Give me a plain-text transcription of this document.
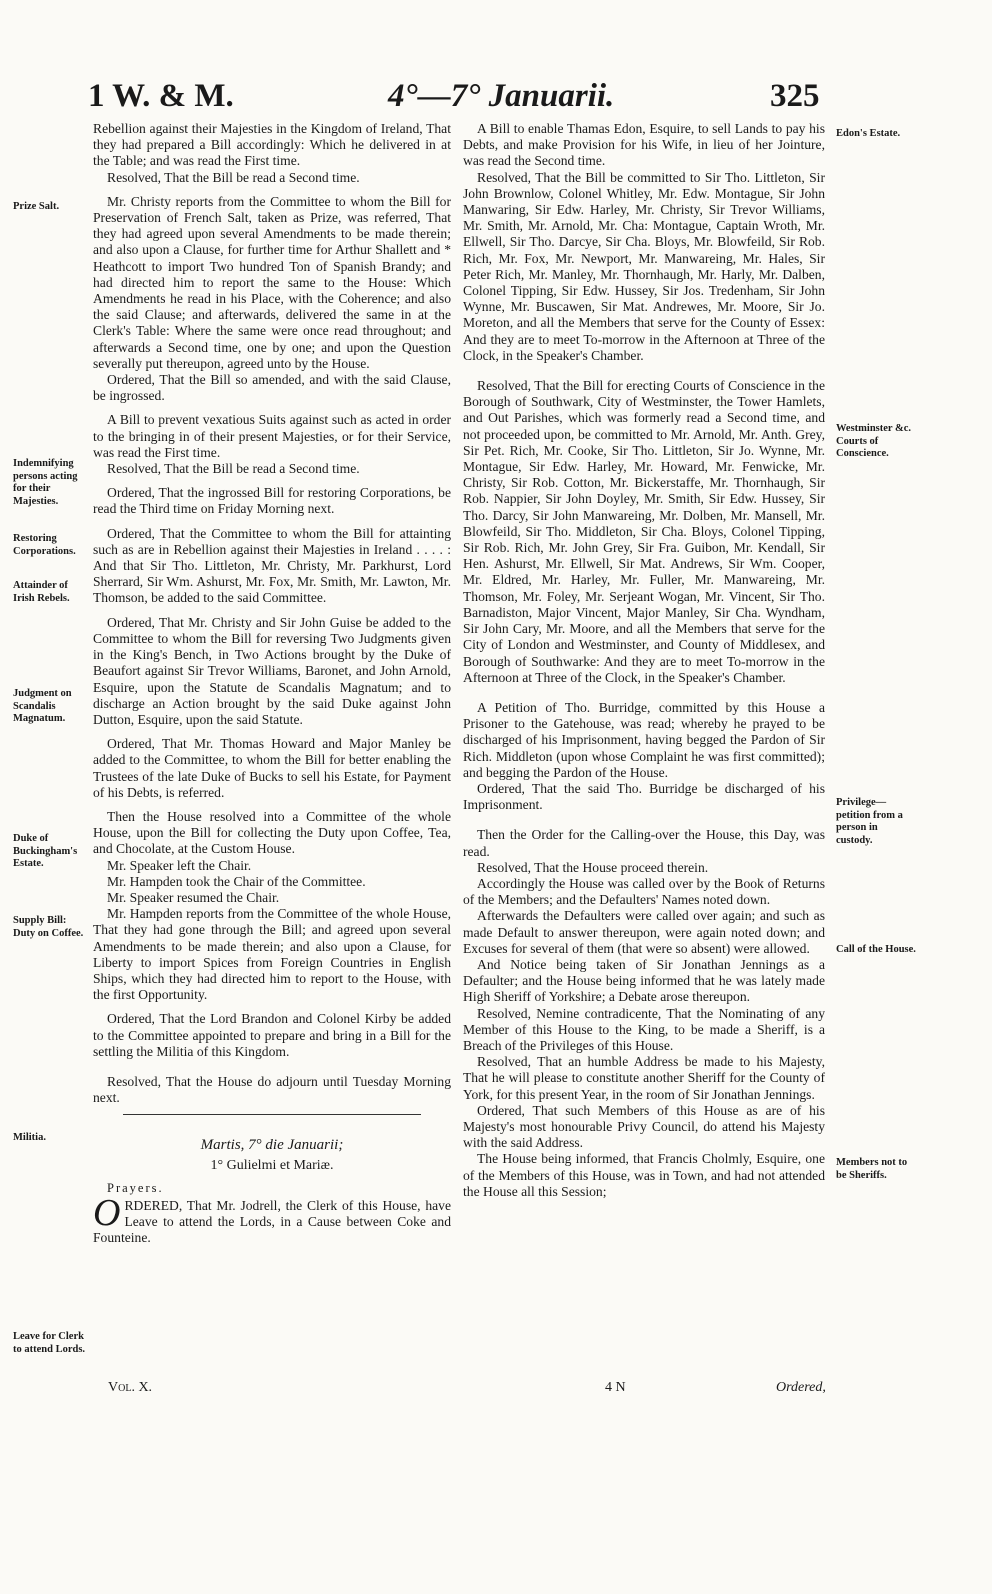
1 W. & M.	4°—7° Januarii.	325
Prize Salt.
Indemnifying persons acting for their Majesties.
Restoring Corporations.
Attainder of Irish Rebels.
Judgment on Scandalis Magnatum.
Duke of Buckingham's Estate.
Supply Bill: Duty on Coffee.
Militia.
Leave for Clerk to attend Lords.
Edon's Estate.
Westminster &c. Courts of Conscience.
Privilege—petition from a person in custody.
Call of the House.
Members not to be Sheriffs.

Rebellion against their Majesties in the Kingdom of Ireland, That they had prepared a Bill accordingly: Which he delivered in at the Table; and was read the First time.

Resolved, That the Bill be read a Second time.

Mr. Christy reports from the Committee to whom the Bill for Preservation of French Salt, taken as Prize, was referred, That they had agreed upon several Amendments to be made therein; and also upon a Clause, for further time for Arthur Shallett and * Heathcott to import Two hundred Ton of Spanish Brandy; and had directed him to report the same to the House: Which Amendments he read in his Place, with the Coherence; and also the said Clause; and afterwards, delivered the same in at the Clerk's Table: Where the same were once read throughout; and afterwards a Second time, one by one; and upon the Question severally put thereupon, agreed unto by the House.

Ordered, That the Bill so amended, and with the said Clause, be ingrossed.

A Bill to prevent vexatious Suits against such as acted in order to the bringing in of their present Majesties, or for their Service, was read the First time.

Resolved, That the Bill be read a Second time.

Ordered, That the ingrossed Bill for restoring Corporations, be read the Third time on Friday Morning next.

Ordered, That the Committee to whom the Bill for attainting such as are in Rebellion against their Majesties in Ireland . . . . : And that Sir Tho. Littleton, Mr. Christy, Mr. Parkhurst, Lord Sherrard, Sir Wm. Ashurst, Mr. Fox, Mr. Smith, Mr. Lawton, Mr. Thomson, be added to the said Committee.

Ordered, That Mr. Christy and Sir John Guise be added to the Committee to whom the Bill for reversing Two Judgments given in the King's Bench, in Two Actions brought by the Duke of Beaufort against Sir Trevor Williams, Baronet, and John Arnold, Esquire, upon the Statute de Scandalis Magnatum; and to discharge an Action brought by the said Duke against John Dutton, Esquire, upon the said Statute.

Ordered, That Mr. Thomas Howard and Major Manley be added to the Committee, to whom the Bill for better enabling the Trustees of the late Duke of Bucks to sell his Estate, for Payment of his Debts, is referred.

Then the House resolved into a Committee of the whole House, upon the Bill for collecting the Duty upon Coffee, Tea, and Chocolate, at the Custom House.

Mr. Speaker left the Chair.

Mr. Hampden took the Chair of the Committee.

Mr. Speaker resumed the Chair.

Mr. Hampden reports from the Committee of the whole House, That they had gone through the Bill; and agreed upon several Amendments to be made therein; and also upon a Clause, for Liberty to import Spices from Foreign Countries in English Ships, which they had directed him to report to the House, with the first Opportunity.

Ordered, That the Lord Brandon and Colonel Kirby be added to the Committee appointed to prepare and bring in a Bill for the settling the Militia of this Kingdom.

Resolved, That the House do adjourn until Tuesday Morning next.

Martis, 7° die Januarii;

1° Gulielmi et Mariæ.

Prayers.

ORDERED, That Mr. Jodrell, the Clerk of this House, have Leave to attend the Lords, in a Cause between Coke and Founteine.

A Bill to enable Thamas Edon, Esquire, to sell Lands to pay his Debts, and make Provision for his Wife, in lieu of her Jointure, was read the Second time.

Resolved, That the Bill be committed to Sir Tho. Littleton, Sir John Brownlow, Colonel Whitley, Mr. Edw. Montague, Sir John Manwaring, Sir Edw. Harley, Mr. Christy, Sir Trevor Williams, Mr. Smith, Mr. Arnold, Mr. Cha: Montague, Captain Wroth, Mr. Ellwell, Sir Tho. Darcye, Sir Cha. Bloys, Mr. Blowfeild, Sir Rob. Rich, Mr. Fox, Mr. Newport, Mr. Manwareing, Mr. Hales, Sir Peter Rich, Mr. Manley, Mr. Thornhaugh, Mr. Harly, Mr. Dalben, Colonel Tipping, Sir Edw. Hussey, Sir Jos. Tredenham, Sir John Wynne, Mr. Buscawen, Sir Mat. Andrewes, Mr. Moore, Sir Jo. Moreton, and all the Members that serve for the County of Essex: And they are to meet To-morrow in the Afternoon at Three of the Clock, in the Speaker's Chamber.

Resolved, That the Bill for erecting Courts of Conscience in the Borough of Southwark, City of Westminster, the Tower Hamlets, and Out Parishes, which was formerly read a Second time, and not proceeded upon, be committed to Mr. Arnold, Mr. Anth. Grey, Sir Pet. Rich, Mr. Cooke, Sir Tho. Littleton, Sir Jo. Wynne, Mr. Montague, Sir Edw. Harley, Mr. Howard, Mr. Fenwicke, Mr. Christy, Sir Rob. Cotton, Mr. Bickerstaffe, Mr. Thornhaugh, Sir Rob. Nappier, Sir John Doyley, Mr. Smith, Sir Edw. Hussey, Sir Tho. Darcy, Sir John Manwareing, Mr. Dolben, Mr. Mansell, Mr. Blowfeild, Sir Tho. Middleton, Sir Cha. Bloys, Colonel Tipping, Sir Rob. Rich, Mr. John Grey, Sir Fra. Guibon, Mr. Kendall, Sir Hen. Ashurst, Mr. Ellwell, Sir Mat. Andrews, Sir Wm. Cooper, Mr. Eldred, Mr. Harley, Mr. Fuller, Mr. Manwareing, Mr. Thomson, Mr. Foley, Mr. Serjeant Wogan, Mr. Vincent, Sir Tho. Barnadiston, Major Vincent, Major Manley, Sir Cha. Wyndham, Sir John Cary, Mr. Moore, and all the Members that serve for the City of London and Westminster, and County of Middlesex, and Borough of Southwarke: And they are to meet To-morrow in the Afternoon at Three of the Clock, in the Speaker's Chamber.

A Petition of Tho. Burridge, committed by this House a Prisoner to the Gatehouse, was read; whereby he prayed to be discharged of his Imprisonment, having begged the Pardon of Sir Rich. Middleton (upon whose Complaint he was first committed); and begging the Pardon of the House.

Ordered, That the said Tho. Burridge be discharged of his Imprisonment.

Then the Order for the Calling-over the House, this Day, was read.

Resolved, That the House proceed therein.

Accordingly the House was called over by the Book of Returns of the Members; and the Defaulters' Names noted down.

Afterwards the Defaulters were called over again; and such as made Default to answer thereupon, were again noted down; and Excuses for several of them (that were so absent) were allowed.

And Notice being taken of Sir Jonathan Jennings as a Defaulter; and the House being informed that he was lately made High Sheriff of Yorkshire; a Debate arose thereupon.

Resolved, Nemine contradicente, That the Nominating of any Member of this House to the King, to be made a Sheriff, is a Breach of the Privileges of this House.

Resolved, That an humble Address be made to his Majesty, That he will please to constitute another Sheriff for the County of York, for this present Year, in the room of Sir Jonathan Jennings.

Ordered, That such Members of this House as are of his Majesty's most honourable Privy Council, do attend his Majesty with the said Address.

The House being informed, that Francis Cholmly, Esquire, one of the Members of this House, was in Town, and had not attended the House all this Session;

Vol. X.	4 N	Ordered,
